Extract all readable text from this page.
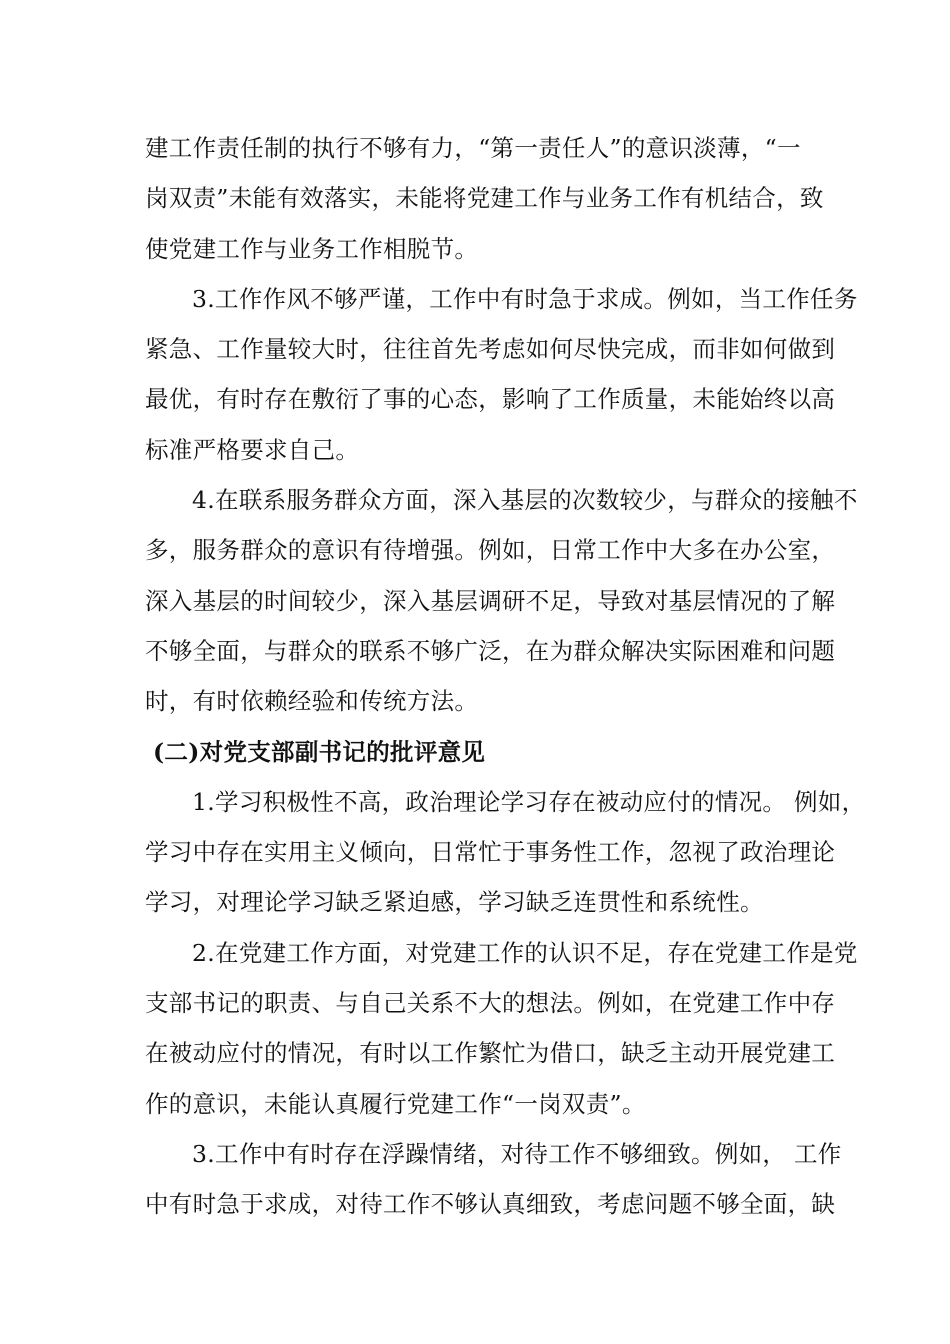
建工作责任制的执行不够有力，“第一责任人”的意识淡薄，“一
岗双责”未能有效落实，未能将党建工作与业务工作有机结合，致
使党建工作与业务工作相脱节。
3.工作作风不够严谨，工作中有时急于求成。例如，当工作任务
紧急、工作量较大时，往往首先考虑如何尽快完成，而非如何做到
最优，有时存在敷衍了事的心态，影响了工作质量，未能始终以高
标准严格要求自己。
4.在联系服务群众方面，深入基层的次数较少，与群众的接触不
多，服务群众的意识有待增强。例如，日常工作中大多在办公室，
深入基层的时间较少，深入基层调研不足，导致对基层情况的了解
不够全面，与群众的联系不够广泛，在为群众解决实际困难和问题
时，有时依赖经验和传统方法。
(二)对党支部副书记的批评意见
1.学习积极性不高，政治理论学习存在被动应付的情况。 例如，
学习中存在实用主义倾向，日常忙于事务性工作，忽视了政治理论
学习，对理论学习缺乏紧迫感，学习缺乏连贯性和系统性。
2.在党建工作方面，对党建工作的认识不足，存在党建工作是党
支部书记的职责、与自己关系不大的想法。例如，在党建工作中存
在被动应付的情况，有时以工作繁忙为借口，缺乏主动开展党建工
作的意识，未能认真履行党建工作“一岗双责”。
3.工作中有时存在浮躁情绪，对待工作不够细致。例如， 工作
中有时急于求成，对待工作不够认真细致，考虑问题不够全面，缺
